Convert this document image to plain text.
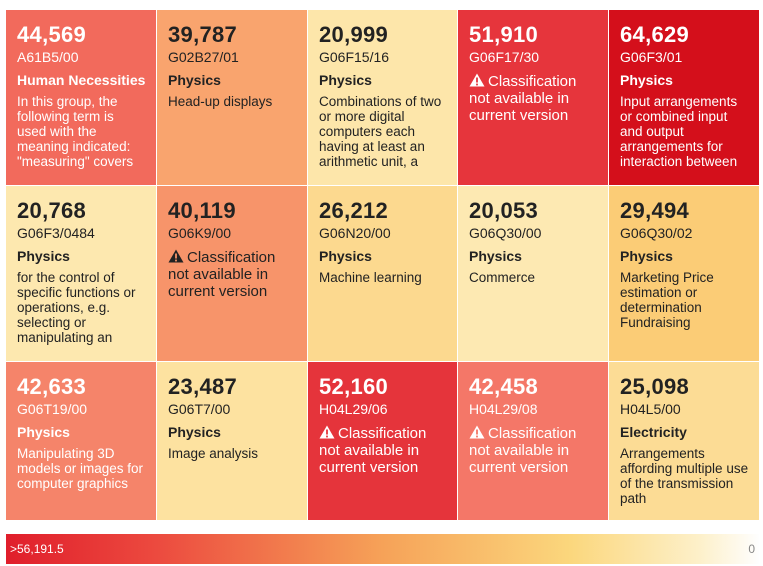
44,569
A61B5/00
Human Necessities
In this group, the following term is used with the meaning indicated: "measuring" covers
39,787
G02B27/01
Physics
Head-up displays
20,999
G06F15/16
Physics
Combinations of two or more digital computers each having at least an arithmetic unit, a
51,910
G06F17/30
Classification not available in current version
64,629
G06F3/01
Physics
Input arrangements or combined input and output arrangements for interaction between
20,768
G06F3/0484
Physics
for the control of specific functions or operations, e.g. selecting or manipulating an
40,119
G06K9/00
Classification not available in current version
26,212
G06N20/00
Physics
Machine learning
20,053
G06Q30/00
Physics
Commerce
29,494
G06Q30/02
Physics
Marketing Price estimation or determination Fundraising
42,633
G06T19/00
Physics
Manipulating 3D models or images for computer graphics
23,487
G06T7/00
Physics
Image analysis
52,160
H04L29/06
Classification not available in current version
42,458
H04L29/08
Classification not available in current version
25,098
H04L5/00
Electricity
Arrangements affording multiple use of the transmission path
>56,191.5	0
